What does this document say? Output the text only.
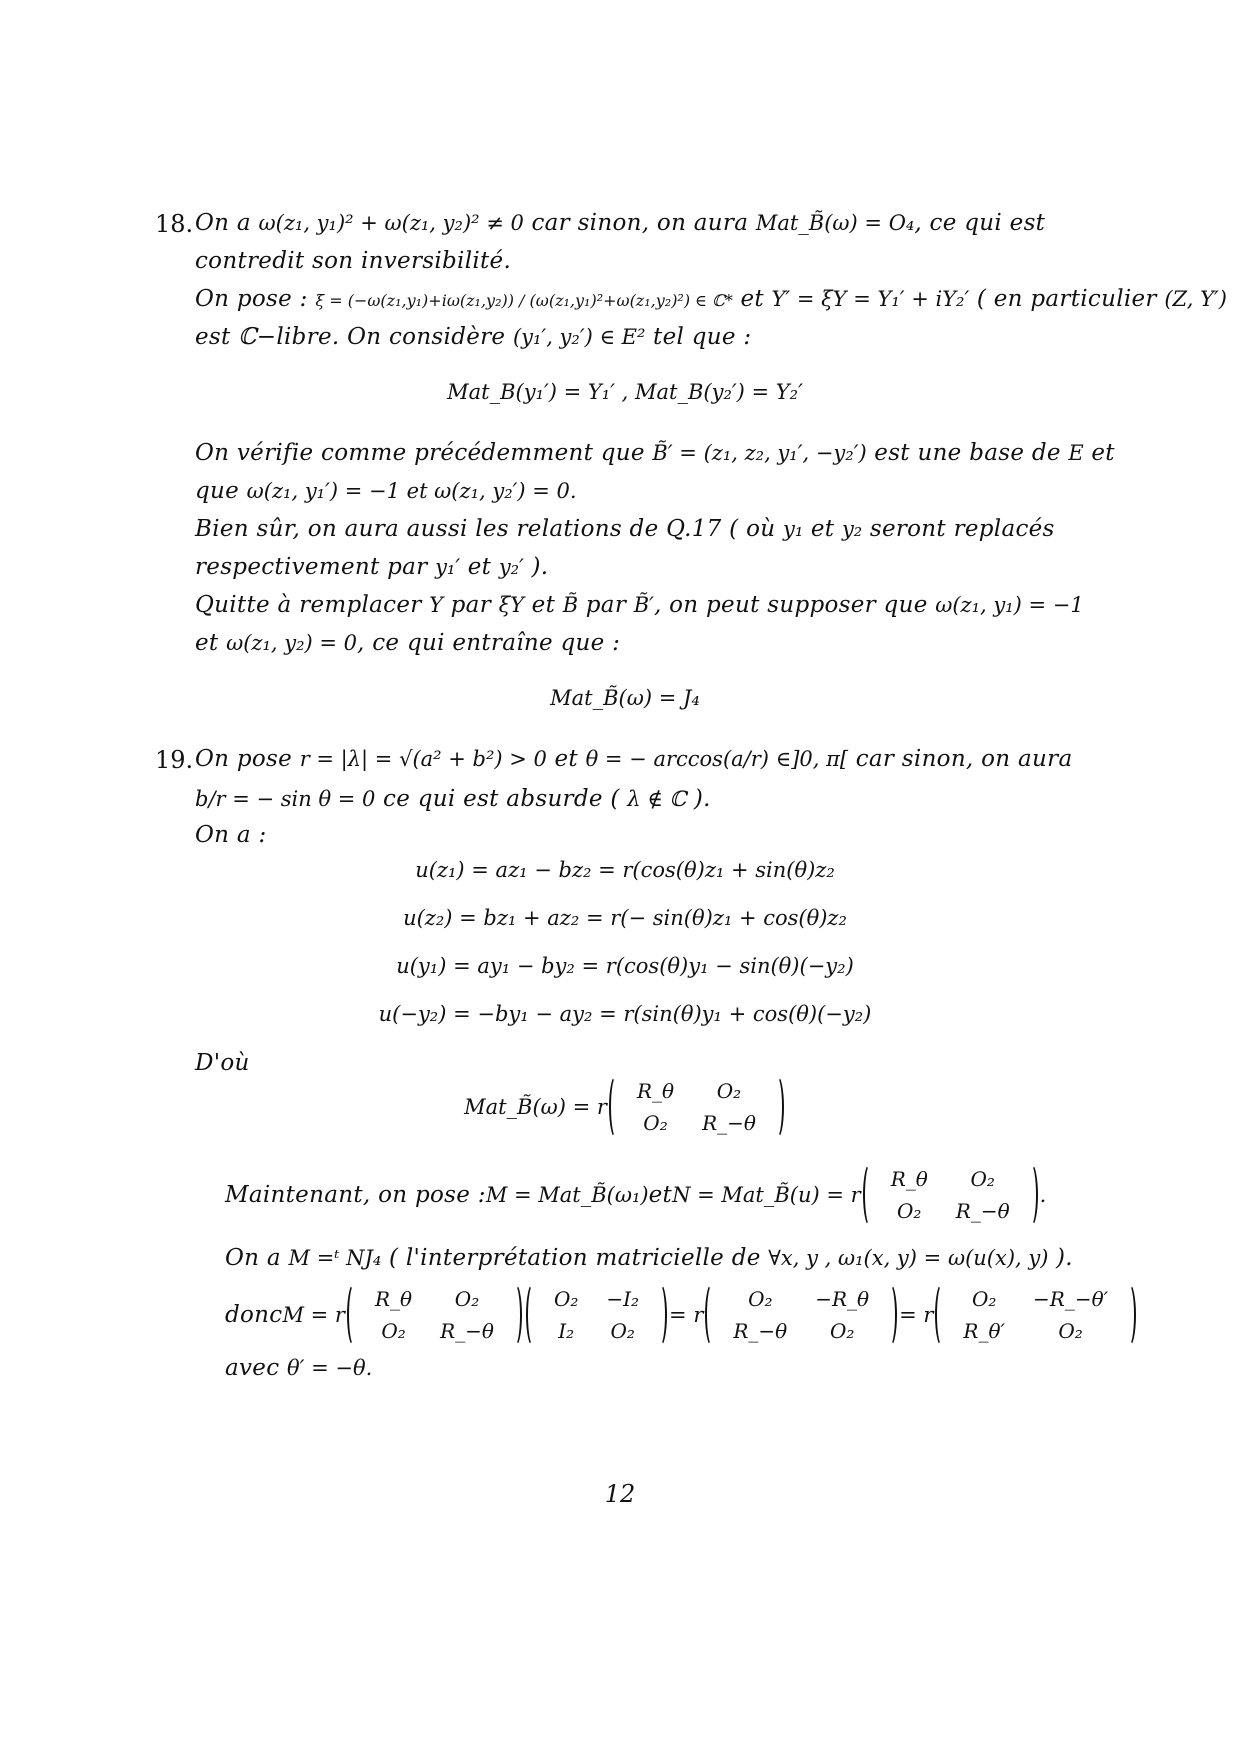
18. On a ω(z₁, y₁)² + ω(z₁, y₂)² ≠ 0 car sinon, on aura Mat_B̃(ω) = O₄, ce qui est
contredit son inversibilité.
On pose : ξ = (−ω(z₁,y₁)+iω(z₁,y₂)) / (ω(z₁,y₁)²+ω(z₁,y₂)²) ∈ ℂ* et Y′ = ξY = Y₁′ + iY₂′ ( en particulier (Z, Y′)
est ℂ−libre. On considère (y₁′, y₂′) ∈ E² tel que :
Mat_B(y₁′) = Y₁′ , Mat_B(y₂′) = Y₂′
On vérifie comme précédemment que B̃′ = (z₁, z₂, y₁′, −y₂′) est une base de E et
que ω(z₁, y₁′) = −1 et ω(z₁, y₂′) = 0.
Bien sûr, on aura aussi les relations de Q.17 ( où y₁ et y₂ seront replacés
respectivement par y₁′ et y₂′ ).
Quitte à remplacer Y par ξY et B̃ par B̃′, on peut supposer que ω(z₁, y₁) = −1
et ω(z₁, y₂) = 0, ce qui entraîne que :
Mat_B̃(ω) = J₄
19. On pose r = |λ| = √(a² + b²) > 0 et θ = − arccos(a/r) ∈]0, π[ car sinon, on aura
b/r = − sin θ = 0 ce qui est absurde ( λ ∉ ℂ ).
On a :
u(z₁) = az₁ − bz₂ = r(cos(θ)z₁ + sin(θ)z₂
u(z₂) = bz₁ + az₂ = r(− sin(θ)z₁ + cos(θ)z₂
u(y₁) = ay₁ − by₂ = r(cos(θ)y₁ − sin(θ)(−y₂)
u(−y₂) = −by₁ − ay₂ = r(sin(θ)y₁ + cos(θ)(−y₂)
D'où
Mat_B̃(ω) = r
R_θ	O₂
O₂	R_−θ
Maintenant, on pose : M = Mat_B̃(ω₁) et N = Mat_B̃(u) = r
R_θ	O₂
O₂	R_−θ
.
On a M =ᵗ NJ₄ ( l'interprétation matricielle de ∀x, y , ω₁(x, y) = ω(u(x), y) ).
donc M = r
R_θ	O₂
O₂	R_−θ
O₂	−I₂
I₂	O₂
= r
O₂	−R_θ
R_−θ	O₂
= r
O₂	−R_−θ′
R_θ′	O₂
avec θ′ = −θ.
12
